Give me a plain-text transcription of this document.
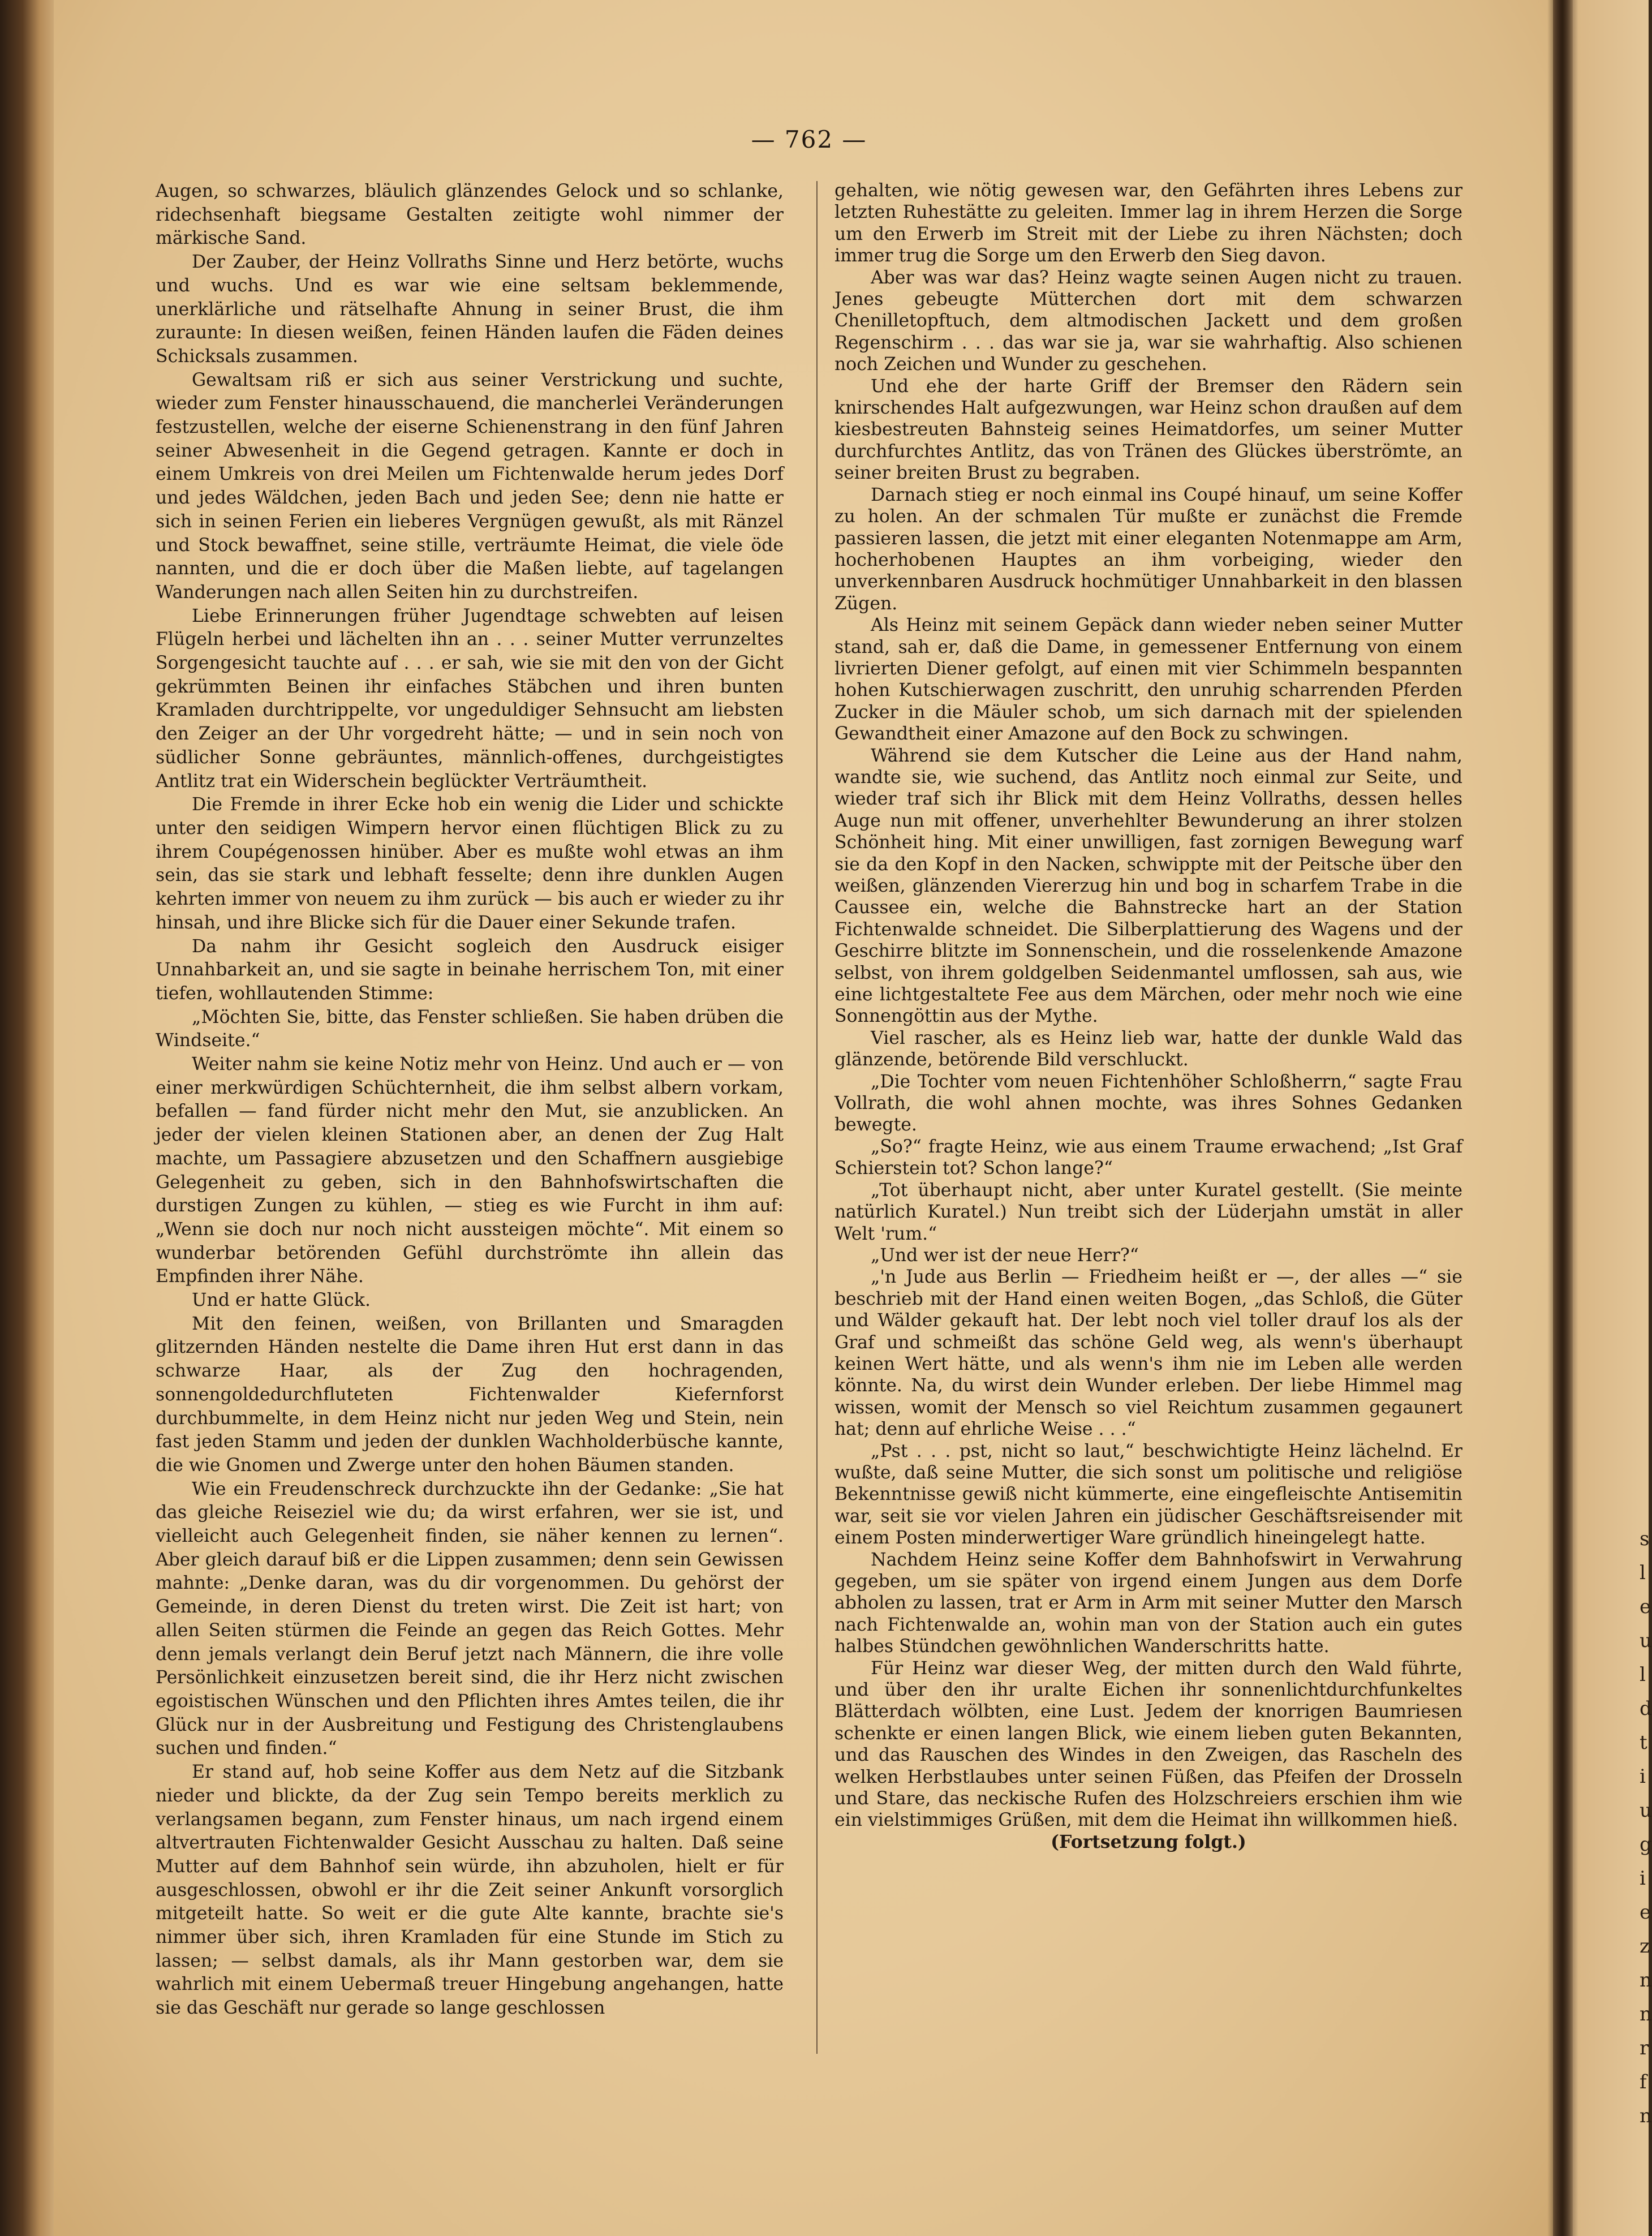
s
l
e
u
l
d
t
i
u
g
i
e
z
n
n
r
f
n
— 762 —

Augen, so schwarzes, bläulich glänzendes Gelock und so schlanke, ridechsenhaft biegsame Gestalten zeitigte wohl nimmer der märkische Sand.

Der Zauber, der Heinz Vollraths Sinne und Herz betörte, wuchs und wuchs. Und es war wie eine seltsam beklemmende, unerklärliche und rätselhafte Ahnung in seiner Brust, die ihm zuraunte: In diesen weißen, feinen Händen laufen die Fäden deines Schicksals zusammen.

Gewaltsam riß er sich aus seiner Verstrickung und suchte, wieder zum Fenster hinausschauend, die mancherlei Veränderungen festzustellen, welche der eiserne Schienenstrang in den fünf Jahren seiner Abwesenheit in die Gegend getragen. Kannte er doch in einem Umkreis von drei Meilen um Fichtenwalde herum jedes Dorf und jedes Wäldchen, jeden Bach und jeden See; denn nie hatte er sich in seinen Ferien ein lieberes Vergnügen gewußt, als mit Ränzel und Stock bewaffnet, seine stille, verträumte Heimat, die viele öde nannten, und die er doch über die Maßen liebte, auf tagelangen Wanderungen nach allen Seiten hin zu durchstreifen.

Liebe Erinnerungen früher Jugendtage schwebten auf leisen Flügeln herbei und lächelten ihn an . . . seiner Mutter verrunzeltes Sorgengesicht tauchte auf . . . er sah, wie sie mit den von der Gicht gekrümmten Beinen ihr einfaches Stäbchen und ihren bunten Kramladen durchtrippelte, vor ungeduldiger Sehnsucht am liebsten den Zeiger an der Uhr vorgedreht hätte; — und in sein noch von südlicher Sonne gebräuntes, männlich-offenes, durchgeistigtes Antlitz trat ein Widerschein beglückter Verträumtheit.

Die Fremde in ihrer Ecke hob ein wenig die Lider und schickte unter den seidigen Wimpern hervor einen flüchtigen Blick zu zu ihrem Coupégenossen hinüber. Aber es mußte wohl etwas an ihm sein, das sie stark und lebhaft fesselte; denn ihre dunklen Augen kehrten immer von neuem zu ihm zurück — bis auch er wieder zu ihr hinsah, und ihre Blicke sich für die Dauer einer Sekunde trafen.

Da nahm ihr Gesicht sogleich den Ausdruck eisiger Unnahbarkeit an, und sie sagte in beinahe herrischem Ton, mit einer tiefen, wohllautenden Stimme:

„Möchten Sie, bitte, das Fenster schließen. Sie haben drüben die Windseite.“

Weiter nahm sie keine Notiz mehr von Heinz. Und auch er — von einer merkwürdigen Schüchternheit, die ihm selbst albern vorkam, befallen — fand fürder nicht mehr den Mut, sie anzublicken. An jeder der vielen kleinen Stationen aber, an denen der Zug Halt machte, um Passagiere abzusetzen und den Schaffnern ausgiebige Gelegenheit zu geben, sich in den Bahnhofswirtschaften die durstigen Zungen zu kühlen, — stieg es wie Furcht in ihm auf: „Wenn sie doch nur noch nicht aussteigen möchte“. Mit einem so wunderbar betörenden Gefühl durchströmte ihn allein das Empfinden ihrer Nähe.

Und er hatte Glück.

Mit den feinen, weißen, von Brillanten und Smaragden glitzernden Händen nestelte die Dame ihren Hut erst dann in das schwarze Haar, als der Zug den hochragenden, sonnengoldedurchfluteten Fichtenwalder Kiefernforst durchbummelte, in dem Heinz nicht nur jeden Weg und Stein, nein fast jeden Stamm und jeden der dunklen Wachholderbüsche kannte, die wie Gnomen und Zwerge unter den hohen Bäumen standen.

Wie ein Freudenschreck durchzuckte ihn der Gedanke: „Sie hat das gleiche Reiseziel wie du; da wirst erfahren, wer sie ist, und vielleicht auch Gelegenheit finden, sie näher kennen zu lernen“. Aber gleich darauf biß er die Lippen zusammen; denn sein Gewissen mahnte: „Denke daran, was du dir vorgenommen. Du gehörst der Gemeinde, in deren Dienst du treten wirst. Die Zeit ist hart; von allen Seiten stürmen die Feinde an gegen das Reich Gottes. Mehr denn jemals verlangt dein Beruf jetzt nach Männern, die ihre volle Persönlichkeit einzusetzen bereit sind, die ihr Herz nicht zwischen egoistischen Wünschen und den Pflichten ihres Amtes teilen, die ihr Glück nur in der Ausbreitung und Festigung des Christenglaubens suchen und finden.“

Er stand auf, hob seine Koffer aus dem Netz auf die Sitzbank nieder und blickte, da der Zug sein Tempo bereits merklich zu verlangsamen begann, zum Fenster hinaus, um nach irgend einem altvertrauten Fichtenwalder Gesicht Ausschau zu halten. Daß seine Mutter auf dem Bahnhof sein würde, ihn abzuholen, hielt er für ausgeschlossen, obwohl er ihr die Zeit seiner Ankunft vorsorglich mitgeteilt hatte. So weit er die gute Alte kannte, brachte sie's nimmer über sich, ihren Kramladen für eine Stunde im Stich zu lassen; — selbst damals, als ihr Mann gestorben war, dem sie wahrlich mit einem Uebermaß treuer Hingebung angehangen, hatte sie das Geschäft nur gerade so lange geschlossen

gehalten, wie nötig gewesen war, den Gefährten ihres Lebens zur letzten Ruhestätte zu geleiten. Immer lag in ihrem Herzen die Sorge um den Erwerb im Streit mit der Liebe zu ihren Nächsten; doch immer trug die Sorge um den Erwerb den Sieg davon.

Aber was war das? Heinz wagte seinen Augen nicht zu trauen. Jenes gebeugte Mütterchen dort mit dem schwarzen Chenilletopftuch, dem altmodischen Jackett und dem großen Regenschirm . . . das war sie ja, war sie wahrhaftig. Also schienen noch Zeichen und Wunder zu geschehen.

Und ehe der harte Griff der Bremser den Rädern sein knirschendes Halt aufgezwungen, war Heinz schon draußen auf dem kiesbestreuten Bahnsteig seines Heimatdorfes, um seiner Mutter durchfurchtes Antlitz, das von Tränen des Glückes überströmte, an seiner breiten Brust zu begraben.

Darnach stieg er noch einmal ins Coupé hinauf, um seine Koffer zu holen. An der schmalen Tür mußte er zunächst die Fremde passieren lassen, die jetzt mit einer eleganten Notenmappe am Arm, hocherhobenen Hauptes an ihm vorbeiging, wieder den unverkennbaren Ausdruck hochmütiger Unnahbarkeit in den blassen Zügen.

Als Heinz mit seinem Gepäck dann wieder neben seiner Mutter stand, sah er, daß die Dame, in gemessener Entfernung von einem livrierten Diener gefolgt, auf einen mit vier Schimmeln bespannten hohen Kutschierwagen zuschritt, den unruhig scharrenden Pferden Zucker in die Mäuler schob, um sich darnach mit der spielenden Gewandtheit einer Amazone auf den Bock zu schwingen.

Während sie dem Kutscher die Leine aus der Hand nahm, wandte sie, wie suchend, das Antlitz noch einmal zur Seite, und wieder traf sich ihr Blick mit dem Heinz Vollraths, dessen helles Auge nun mit offener, unverhehlter Bewunderung an ihrer stolzen Schönheit hing. Mit einer unwilligen, fast zornigen Bewegung warf sie da den Kopf in den Nacken, schwippte mit der Peitsche über den weißen, glänzenden Viererzug hin und bog in scharfem Trabe in die Caussee ein, welche die Bahnstrecke hart an der Station Fichtenwalde schneidet. Die Silberplattierung des Wagens und der Geschirre blitzte im Sonnenschein, und die rosselenkende Amazone selbst, von ihrem goldgelben Seidenmantel umflossen, sah aus, wie eine lichtgestaltete Fee aus dem Märchen, oder mehr noch wie eine Sonnengöttin aus der Mythe.

Viel rascher, als es Heinz lieb war, hatte der dunkle Wald das glänzende, betörende Bild verschluckt.

„Die Tochter vom neuen Fichtenhöher Schloßherrn,“ sagte Frau Vollrath, die wohl ahnen mochte, was ihres Sohnes Gedanken bewegte.

„So?“ fragte Heinz, wie aus einem Traume erwachend; „Ist Graf Schierstein tot? Schon lange?“

„Tot überhaupt nicht, aber unter Kuratel gestellt. (Sie meinte natürlich Kuratel.) Nun treibt sich der Lüderjahn umstät in aller Welt 'rum.“

„Und wer ist der neue Herr?“

„'n Jude aus Berlin — Friedheim heißt er —, der alles —“ sie beschrieb mit der Hand einen weiten Bogen, „das Schloß, die Güter und Wälder gekauft hat. Der lebt noch viel toller drauf los als der Graf und schmeißt das schöne Geld weg, als wenn's überhaupt keinen Wert hätte, und als wenn's ihm nie im Leben alle werden könnte. Na, du wirst dein Wunder erleben. Der liebe Himmel mag wissen, womit der Mensch so viel Reichtum zusammen gegaunert hat; denn auf ehrliche Weise . . .“

„Pst . . . pst, nicht so laut,“ beschwichtigte Heinz lächelnd. Er wußte, daß seine Mutter, die sich sonst um politische und religiöse Bekenntnisse gewiß nicht kümmerte, eine eingefleischte Antisemitin war, seit sie vor vielen Jahren ein jüdischer Geschäftsreisender mit einem Posten minderwertiger Ware gründlich hineingelegt hatte.

Nachdem Heinz seine Koffer dem Bahnhofswirt in Verwahrung gegeben, um sie später von irgend einem Jungen aus dem Dorfe abholen zu lassen, trat er Arm in Arm mit seiner Mutter den Marsch nach Fichtenwalde an, wohin man von der Station auch ein gutes halbes Stündchen gewöhnlichen Wanderschritts hatte.

Für Heinz war dieser Weg, der mitten durch den Wald führte, und über den ihr uralte Eichen ihr sonnenlichtdurchfunkeltes Blätterdach wölbten, eine Lust. Jedem der knorrigen Baumriesen schenkte er einen langen Blick, wie einem lieben guten Bekannten, und das Rauschen des Windes in den Zweigen, das Rascheln des welken Herbstlaubes unter seinen Füßen, das Pfeifen der Drosseln und Stare, das neckische Rufen des Holzschreiers erschien ihm wie ein vielstimmiges Grüßen, mit dem die Heimat ihn willkommen hieß.

(Fortsetzung folgt.)
